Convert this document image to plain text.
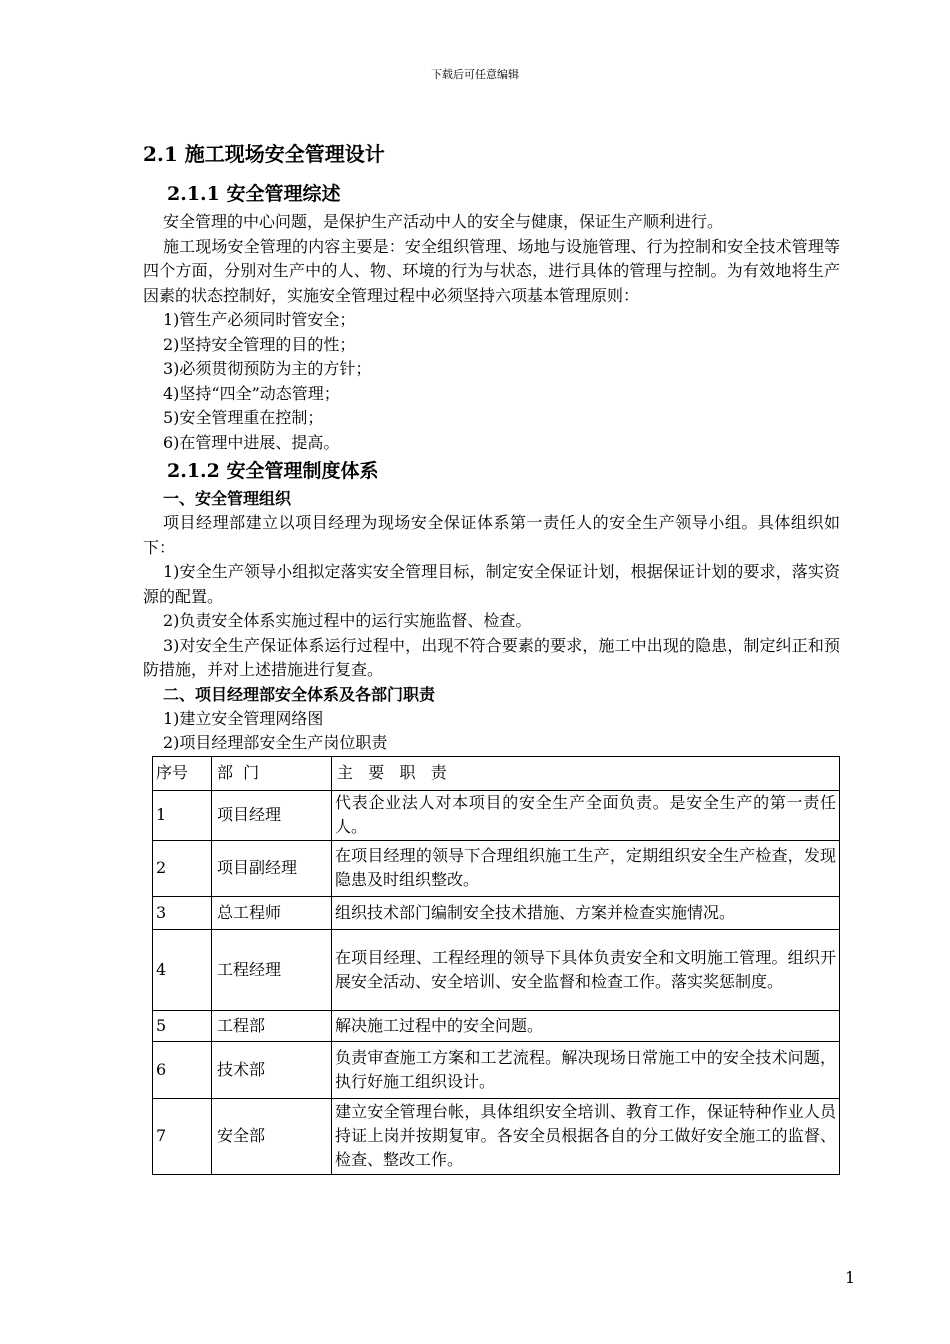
下载后可任意编辑
2.1 施工现场安全管理设计
2.1.1 安全管理综述

安全管理的中心问题，是保护生产活动中人的安全与健康，保证生产顺利进行。

施工现场安全管理的内容主要是：安全组织管理、场地与设施管理、行为控制和安全技术管理等四个方面，分别对生产中的人、物、环境的行为与状态，进行具体的管理与控制。为有效地将生产因素的状态控制好，实施安全管理过程中必须坚持六项基本管理原则：

1)管生产必须同时管安全；
2)坚持安全管理的目的性；
3)必须贯彻预防为主的方针；
4)坚持“四全”动态管理；
5)安全管理重在控制；
6)在管理中进展、提高。
2.1.2 安全管理制度体系
一、安全管理组织

项目经理部建立以项目经理为现场安全保证体系第一责任人的安全生产领导小组。具体组织如下：

1)安全生产领导小组拟定落实安全管理目标，制定安全保证计划，根据保证计划的要求，落实资源的配置。

2)负责安全体系实施过程中的运行实施监督、检查。

3)对安全生产保证体系运行过程中，出现不符合要素的要求，施工中出现的隐患，制定纠正和预防措施，并对上述措施进行复查。

二、项目经理部安全体系及各部门职责
1)建立安全管理网络图
2)项目经理部安全生产岗位职责
序号	部  门	主   要   职   责
1	项目经理	代表企业法人对本项目的安全生产全面负责。是安全生产的第一责任人。
2	项目副经理	在项目经理的领导下合理组织施工生产，定期组织安全生产检查，发现隐患及时组织整改。
3	总工程师	组织技术部门编制安全技术措施、方案并检查实施情况。
4	工程经理	在项目经理、工程经理的领导下具体负责安全和文明施工管理。组织开展安全活动、安全培训、安全监督和检查工作。落实奖惩制度。
5	工程部	解决施工过程中的安全问题。
6	技术部	负责审查施工方案和工艺流程。解决现场日常施工中的安全技术问题，执行好施工组织设计。
7	安全部	建立安全管理台帐，具体组织安全培训、教育工作，保证特种作业人员持证上岗并按期复审。各安全员根据各自的分工做好安全施工的监督、检查、整改工作。
1
